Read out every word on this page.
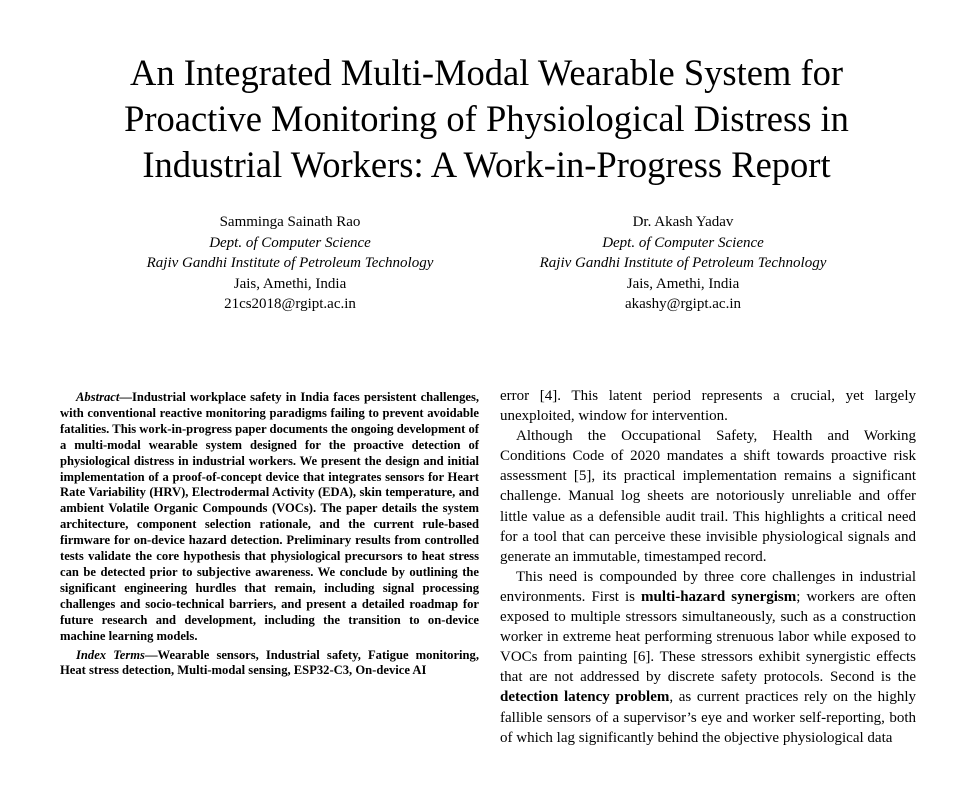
An Integrated Multi-Modal Wearable System for
Proactive Monitoring of Physiological Distress in
Industrial Workers: A Work-in-Progress Report
Samminga Sainath Rao
Dept. of Computer Science
Rajiv Gandhi Institute of Petroleum Technology
Jais, Amethi, India
21cs2018@rgipt.ac.in
Dr. Akash Yadav
Dept. of Computer Science
Rajiv Gandhi Institute of Petroleum Technology
Jais, Amethi, India
akashy@rgipt.ac.in

Abstract—Industrial workplace safety in India faces persistent challenges, with conventional reactive monitoring paradigms failing to prevent avoidable fatalities. This work-in-progress paper documents the ongoing development of a multi-modal wearable system designed for the proactive detection of physiological distress in industrial workers. We present the design and initial implementation of a proof-of-concept device that integrates sensors for Heart Rate Variability (HRV), Electrodermal Activity (EDA), skin temperature, and ambient Volatile Organic Compounds (VOCs). The paper details the system architecture, component selection rationale, and the current rule-based firmware for on-device hazard detection. Preliminary results from controlled tests validate the core hypothesis that physiological precursors to heat stress can be detected prior to subjective awareness. We conclude by outlining the significant engineering hurdles that remain, including signal processing challenges and socio-technical barriers, and present a detailed roadmap for future research and development, including the transition to on-device machine learning models.

Index Terms—Wearable sensors, Industrial safety, Fatigue monitoring, Heat stress detection, Multi-modal sensing, ESP32-C3, On-device AI

error [4]. This latent period represents a crucial, yet largely unexploited, window for intervention.

Although the Occupational Safety, Health and Working Conditions Code of 2020 mandates a shift towards proactive risk assessment [5], its practical implementation remains a significant challenge. Manual log sheets are notoriously unreliable and offer little value as a defensible audit trail. This highlights a critical need for a tool that can perceive these invisible physiological signals and generate an immutable, timestamped record.

This need is compounded by three core challenges in industrial environments. First is multi-hazard synergism; workers are often exposed to multiple stressors simultaneously, such as a construction worker in extreme heat performing strenuous labor while exposed to VOCs from painting [6]. These stressors exhibit synergistic effects that are not addressed by discrete safety protocols. Second is the detection latency problem, as current practices rely on the highly fallible sensors of a supervisor’s eye and worker self-reporting, both of which lag significantly behind the objective physiological data
